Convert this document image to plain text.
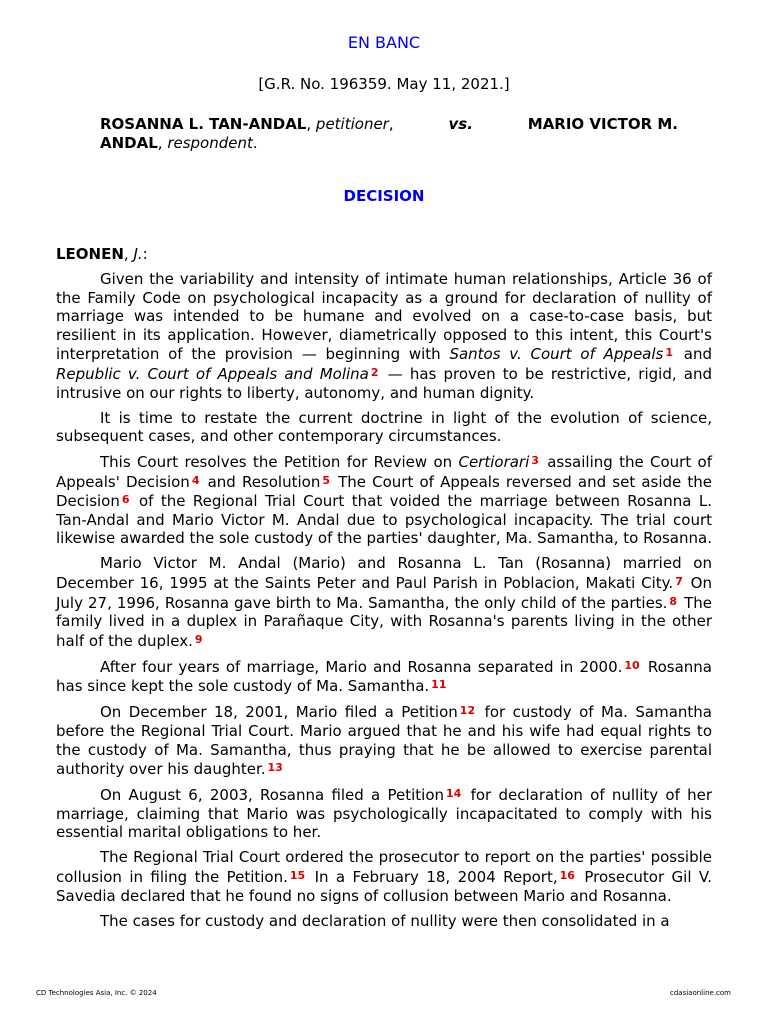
EN BANC
[G.R. No. 196359. May 11, 2021.]
ROSANNA L. TAN-ANDAL, petitioner,	vs.	MARIO VICTOR M.
ANDAL, respondent.
DECISION

LEONEN, J.:

Given the variability and intensity of intimate human relationships, Article 36 of the Family Code on psychological incapacity as a ground for declaration of nullity of marriage was intended to be humane and evolved on a case-to-case basis, but resilient in its application. However, diametrically opposed to this intent, this Court's interpretation of the provision — beginning with Santos v. Court of Appeals $^1$ and Republic v. Court of Appeals and Molina $^2$ — has proven to be restrictive, rigid, and intrusive on our rights to liberty, autonomy, and human dignity.

It is time to restate the current doctrine in light of the evolution of science, subsequent cases, and other contemporary circumstances.

This Court resolves the Petition for Review on Certiorari $^3$ assailing the Court of Appeals' Decision $^4$ and Resolution $^5$ The Court of Appeals reversed and set aside the Decision $^6$ of the Regional Trial Court that voided the marriage between Rosanna L. Tan-Andal and Mario Victor M. Andal due to psychological incapacity. The trial court likewise awarded the sole custody of the parties' daughter, Ma. Samantha, to Rosanna.

Mario Victor M. Andal (Mario) and Rosanna L. Tan (Rosanna) married on December 16, 1995 at the Saints Peter and Paul Parish in Poblacion, Makati City. $^7$ On July 27, 1996, Rosanna gave birth to Ma. Samantha, the only child of the parties. $^8$ The family lived in a duplex in Parañaque City, with Rosanna's parents living in the other half of the duplex. $^9$

After four years of marriage, Mario and Rosanna separated in 2000. $^{10}$ Rosanna has since kept the sole custody of Ma. Samantha. $^{11}$

On December 18, 2001, Mario filed a Petition $^{12}$ for custody of Ma. Samantha before the Regional Trial Court. Mario argued that he and his wife had equal rights to the custody of Ma. Samantha, thus praying that he be allowed to exercise parental authority over his daughter. $^{13}$

On August 6, 2003, Rosanna filed a Petition $^{14}$ for declaration of nullity of her marriage, claiming that Mario was psychologically incapacitated to comply with his essential marital obligations to her.

The Regional Trial Court ordered the prosecutor to report on the parties' possible collusion in filing the Petition. $^{15}$ In a February 18, 2004 Report, $^{16}$ Prosecutor Gil V. Savedia declared that he found no signs of collusion between Mario and Rosanna.

The cases for custody and declaration of nullity were then consolidated in a

CD Technologies Asia, Inc. © 2024	cdasiaonline.com
